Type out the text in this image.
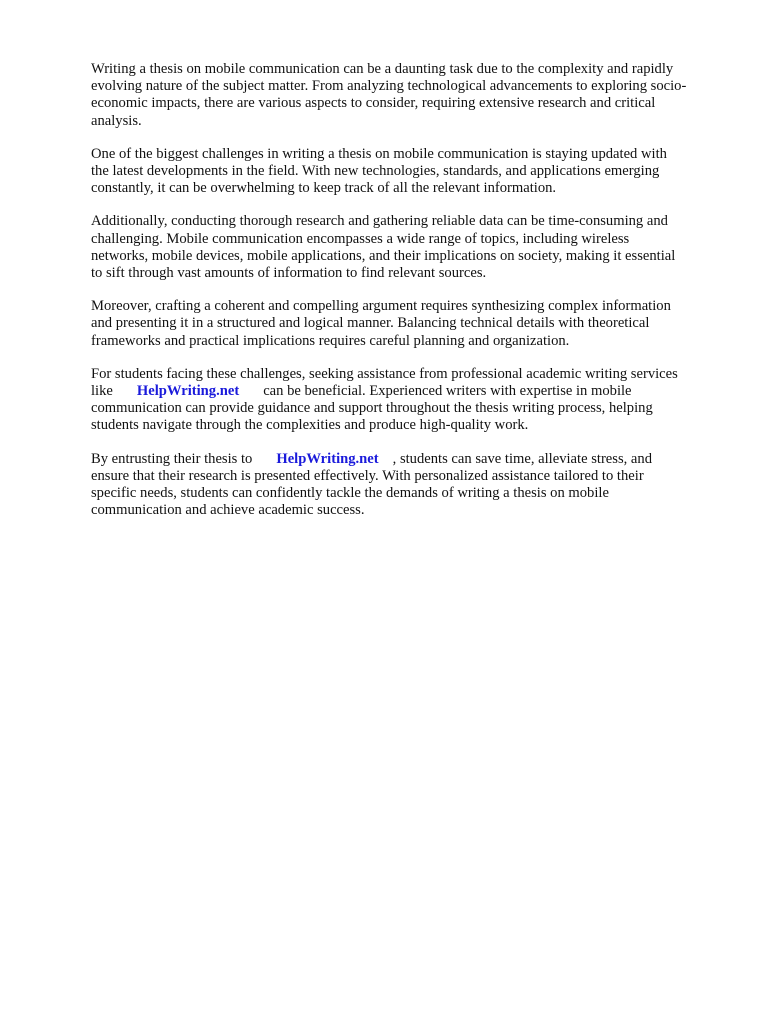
Writing a thesis on mobile communication can be a daunting task due to the complexity and rapidly
evolving nature of the subject matter. From analyzing technological advancements to exploring socio-
economic impacts, there are various aspects to consider, requiring extensive research and critical
analysis.

One of the biggest challenges in writing a thesis on mobile communication is staying updated with
the latest developments in the field. With new technologies, standards, and applications emerging
constantly, it can be overwhelming to keep track of all the relevant information.

Additionally, conducting thorough research and gathering reliable data can be time-consuming and
challenging. Mobile communication encompasses a wide range of topics, including wireless
networks, mobile devices, mobile applications, and their implications on society, making it essential
to sift through vast amounts of information to find relevant sources.

Moreover, crafting a coherent and compelling argument requires synthesizing complex information
and presenting it in a structured and logical manner. Balancing technical details with theoretical
frameworks and practical implications requires careful planning and organization.

For students facing these challenges, seeking assistance from professional academic writing services
like HelpWriting.net can be beneficial. Experienced writers with expertise in mobile
communication can provide guidance and support throughout the thesis writing process, helping
students navigate through the complexities and produce high-quality work.

By entrusting their thesis to HelpWriting.net , students can save time, alleviate stress, and
ensure that their research is presented effectively. With personalized assistance tailored to their
specific needs, students can confidently tackle the demands of writing a thesis on mobile
communication and achieve academic success.
